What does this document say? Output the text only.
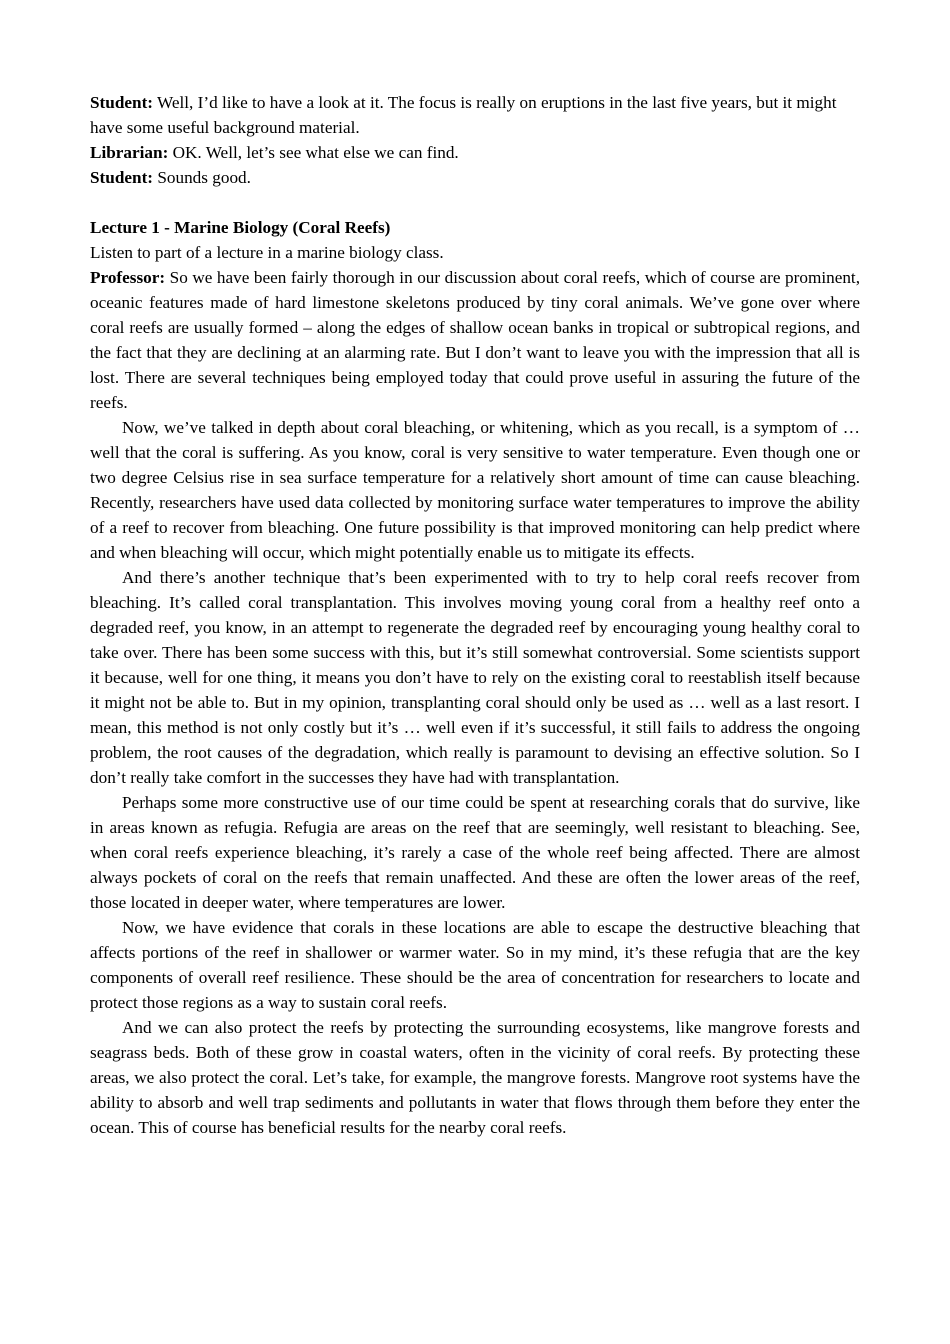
Student: Well, I’d like to have a look at it. The focus is really on eruptions in the last five years, but it might have some useful background material.

Librarian: OK. Well, let’s see what else we can find.

Student: Sounds good.

Lecture 1 - Marine Biology (Coral Reefs)

Listen to part of a lecture in a marine biology class.

Professor: So we have been fairly thorough in our discussion about coral reefs, which of course are prominent, oceanic features made of hard limestone skeletons produced by tiny coral animals. We’ve gone over where coral reefs are usually formed – along the edges of shallow ocean banks in tropical or subtropical regions, and the fact that they are declining at an alarming rate. But I don’t want to leave you with the impression that all is lost. There are several techniques being employed today that could prove useful in assuring the future of the reefs.

Now, we’ve talked in depth about coral bleaching, or whitening, which as you recall, is a symptom of …well that the coral is suffering. As you know, coral is very sensitive to water temperature. Even though one or two degree Celsius rise in sea surface temperature for a relatively short amount of time can cause bleaching. Recently, researchers have used data collected by monitoring surface water temperatures to improve the ability of a reef to recover from bleaching. One future possibility is that improved monitoring can help predict where and when bleaching will occur, which might potentially enable us to mitigate its effects.

And there’s another technique that’s been experimented with to try to help coral reefs recover from bleaching. It’s called coral transplantation. This involves moving young coral from a healthy reef onto a degraded reef, you know, in an attempt to regenerate the degraded reef by encouraging young healthy coral to take over. There has been some success with this, but it’s still somewhat controversial. Some scientists support it because, well for one thing, it means you don’t have to rely on the existing coral to reestablish itself because it might not be able to. But in my opinion, transplanting coral should only be used as … well as a last resort. I mean, this method is not only costly but it’s … well even if it’s successful, it still fails to address the ongoing problem, the root causes of the degradation, which really is paramount to devising an effective solution. So I don’t really take comfort in the successes they have had with transplantation.

Perhaps some more constructive use of our time could be spent at researching corals that do survive, like in areas known as refugia. Refugia are areas on the reef that are seemingly, well resistant to bleaching. See, when coral reefs experience bleaching, it’s rarely a case of the whole reef being affected. There are almost always pockets of coral on the reefs that remain unaffected. And these are often the lower areas of the reef, those located in deeper water, where temperatures are lower.

Now, we have evidence that corals in these locations are able to escape the destructive bleaching that affects portions of the reef in shallower or warmer water. So in my mind, it’s these refugia that are the key components of overall reef resilience. These should be the area of concentration for researchers to locate and protect those regions as a way to sustain coral reefs.

And we can also protect the reefs by protecting the surrounding ecosystems, like mangrove forests and seagrass beds. Both of these grow in coastal waters, often in the vicinity of coral reefs. By protecting these areas, we also protect the coral. Let’s take, for example, the mangrove forests. Mangrove root systems have the ability to absorb and well trap sediments and pollutants in water that flows through them before they enter the ocean. This of course has beneficial results for the nearby coral reefs.
